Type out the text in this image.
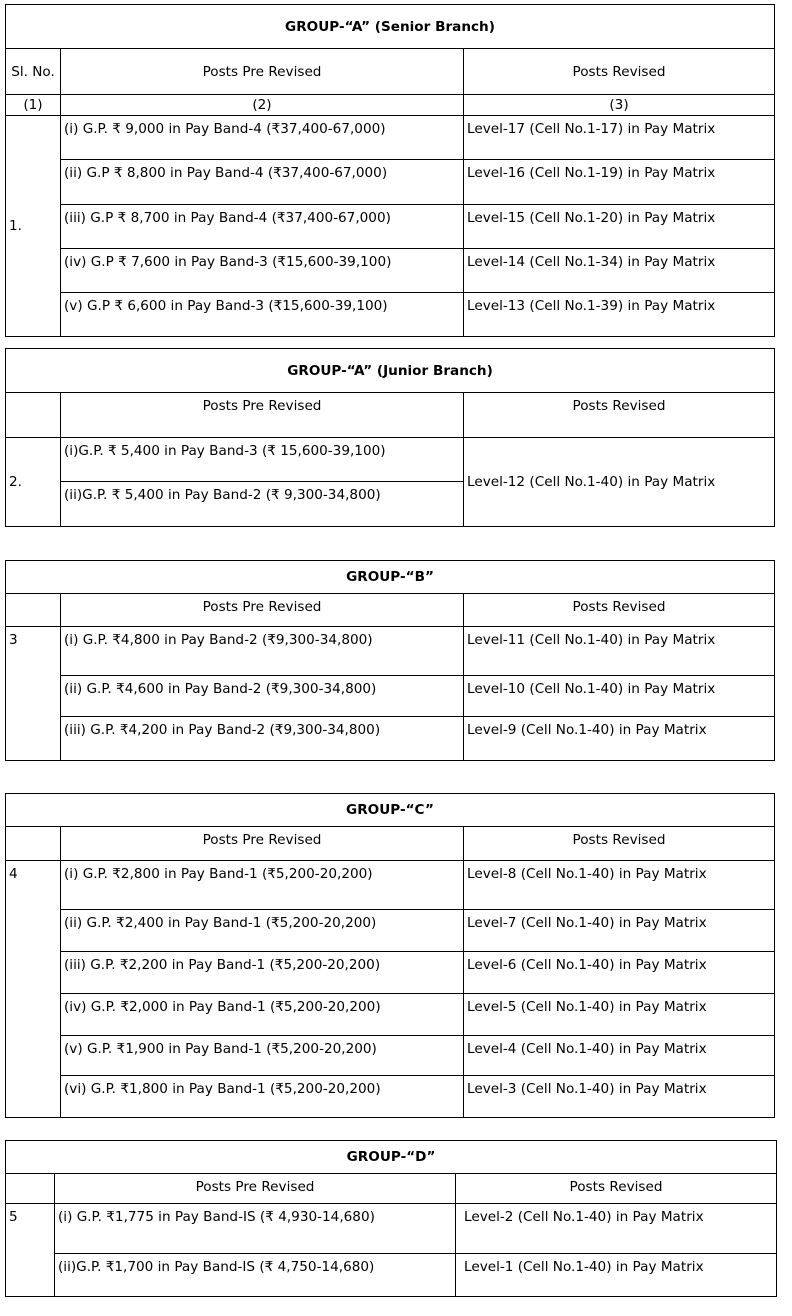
GROUP-“A” (Senior Branch)		
Sl. No.	Posts Pre Revised	Posts Revised
(1)	(2)	(3)
1.	(i) G.P. ₹ 9,000 in Pay Band-4 (₹37,400-67,000)	Level-17 (Cell No.1-17) in Pay Matrix
	(ii) G.P ₹ 8,800 in Pay Band-4 (₹37,400-67,000)	Level-16 (Cell No.1-19) in Pay Matrix
	(iii) G.P ₹ 8,700 in Pay Band-4 (₹37,400-67,000)	Level-15 (Cell No.1-20) in Pay Matrix
	(iv) G.P ₹ 7,600 in Pay Band-3 (₹15,600-39,100)	Level-14 (Cell No.1-34) in Pay Matrix
	(v) G.P ₹ 6,600 in Pay Band-3 (₹15,600-39,100)	Level-13 (Cell No.1-39) in Pay Matrix
GROUP-“A” (Junior Branch)		
	Posts Pre Revised	Posts Revised
2.	(i)G.P. ₹ 5,400 in Pay Band-3 (₹ 15,600-39,100)	Level-12 (Cell No.1-40) in Pay Matrix
	(ii)G.P. ₹ 5,400 in Pay Band-2 (₹ 9,300-34,800)	
GROUP-“B”		
	Posts Pre Revised	Posts Revised
3	(i) G.P. ₹4,800 in Pay Band-2 (₹9,300-34,800)	Level-11 (Cell No.1-40) in Pay Matrix
	(ii) G.P. ₹4,600 in Pay Band-2 (₹9,300-34,800)	Level-10 (Cell No.1-40) in Pay Matrix
	(iii) G.P. ₹4,200 in Pay Band-2 (₹9,300-34,800)	Level-9 (Cell No.1-40) in Pay Matrix
GROUP-“C”		
	Posts Pre Revised	Posts Revised
4	(i) G.P. ₹2,800 in Pay Band-1 (₹5,200-20,200)	Level-8 (Cell No.1-40) in Pay Matrix
	(ii) G.P. ₹2,400 in Pay Band-1 (₹5,200-20,200)	Level-7 (Cell No.1-40) in Pay Matrix
	(iii) G.P. ₹2,200 in Pay Band-1 (₹5,200-20,200)	Level-6 (Cell No.1-40) in Pay Matrix
	(iv) G.P. ₹2,000 in Pay Band-1 (₹5,200-20,200)	Level-5 (Cell No.1-40) in Pay Matrix
	(v) G.P. ₹1,900 in Pay Band-1 (₹5,200-20,200)	Level-4 (Cell No.1-40) in Pay Matrix
	(vi) G.P. ₹1,800 in Pay Band-1 (₹5,200-20,200)	Level-3 (Cell No.1-40) in Pay Matrix
GROUP-“D”		
	Posts Pre Revised	Posts Revised
5	(i) G.P. ₹1,775 in Pay Band-IS (₹ 4,930-14,680)	Level-2 (Cell No.1-40) in Pay Matrix
	(ii)G.P. ₹1,700 in Pay Band-IS (₹ 4,750-14,680)	Level-1 (Cell No.1-40) in Pay Matrix
